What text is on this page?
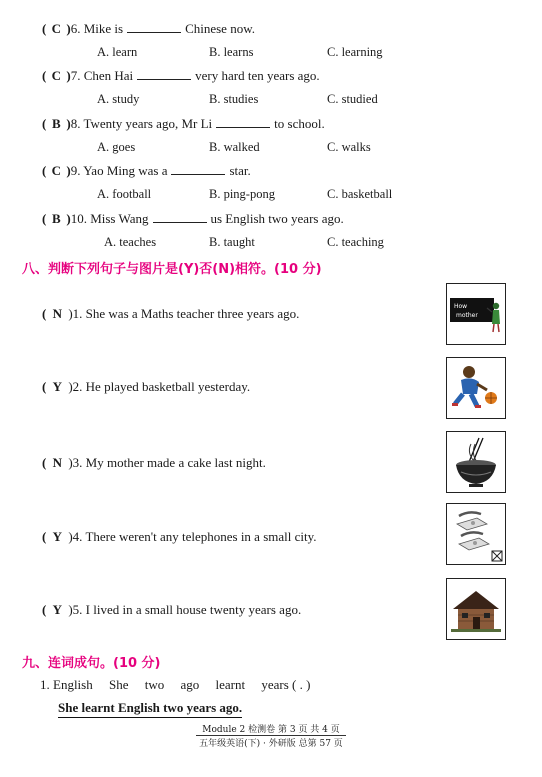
( C )6. Mike is	Chinese now.
A. learn	B. learns	C. learning
( C )7. Chen Hai	very hard ten years ago.
A. study	B. studies	C. studied
( B )8. Twenty years ago, Mr Li	to school.
A. goes	B. walked	C. walks
( C )9. Yao Ming was a	star.
A. football	B. ping-pong	C. basketball
( B )10. Miss Wang	us English two years ago.
A. teaches	B. taught	C. teaching
八、判断下列句子与图片是(Y)否(N)相符。(10 分)
( N )1. She was a Maths teacher three years ago.	How
mother
( Y )2. He played basketball yesterday.
( N )3. My mother made a cake last night.
( Y )4. There weren't any telephones in a small city.
( Y )5. I lived in a small house twenty years ago.
九、连词成句。(10 分)
1. English     She     two     ago     learnt     years ( . )
She learnt English two years ago.
Module 2 检测卷 第 3 页 共 4 页
五年级英语(下) · 外研版 总第 57 页
